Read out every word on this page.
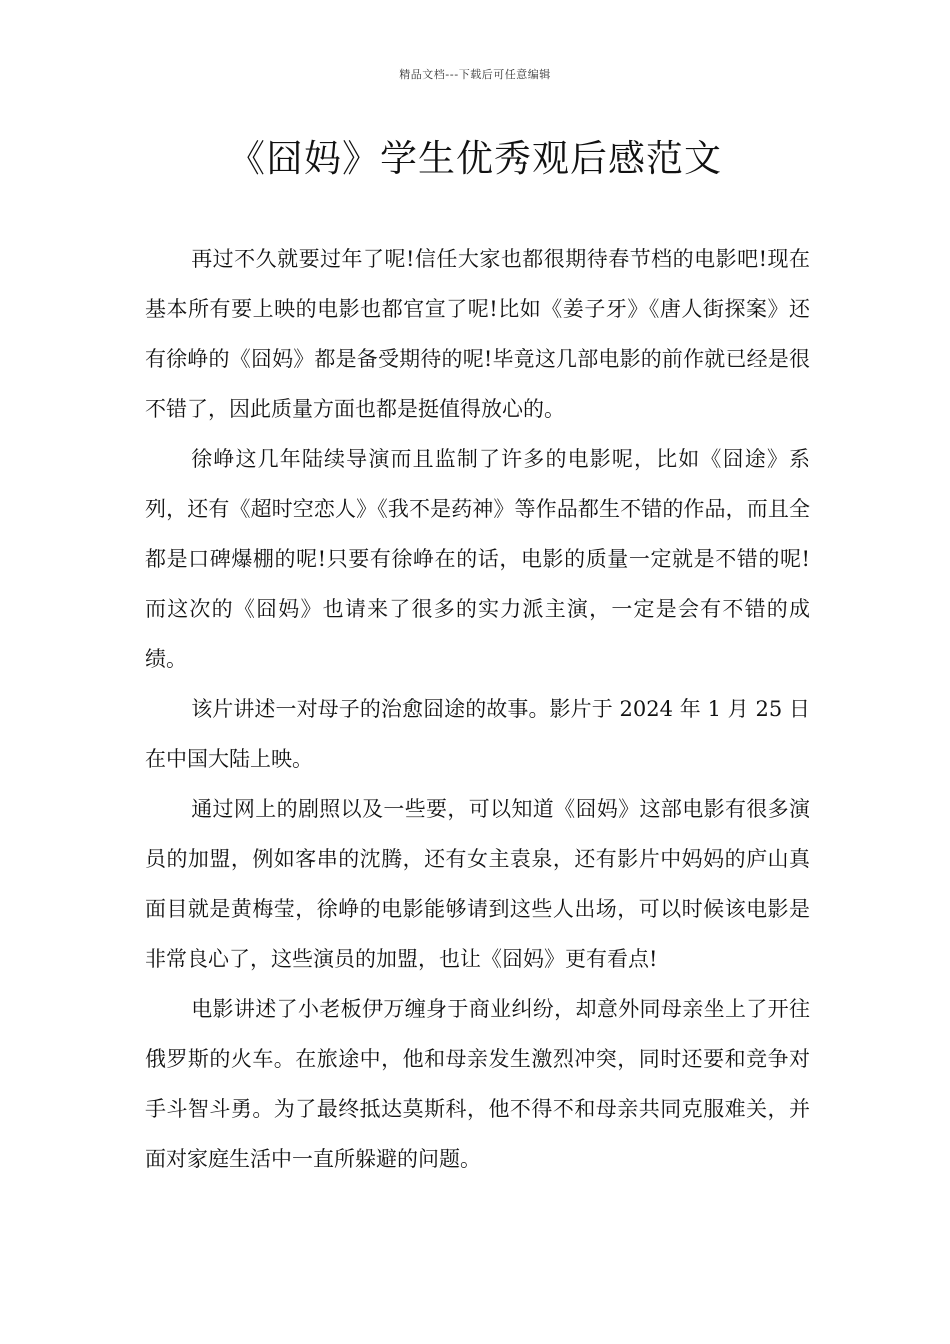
精品文档---下载后可任意编辑
《囧妈》学生优秀观后感范文

再过不久就要过年了呢!信任大家也都很期待春节档的电影吧!现在基本所有要上映的电影也都官宣了呢!比如《姜子牙》《唐人街探案》还有徐峥的《囧妈》都是备受期待的呢!毕竟这几部电影的前作就已经是很不错了，因此质量方面也都是挺值得放心的。

徐峥这几年陆续导演而且监制了许多的电影呢，比如《囧途》系列，还有《超时空恋人》《我不是药神》等作品都生不错的作品，而且全都是口碑爆棚的呢!只要有徐峥在的话，电影的质量一定就是不错的呢!而这次的《囧妈》也请来了很多的实力派主演，一定是会有不错的成绩。

该片讲述一对母子的治愈囧途的故事。影片于 2024 年 1 月 25 日在中国大陆上映。

通过网上的剧照以及一些要，可以知道《囧妈》这部电影有很多演员的加盟，例如客串的沈腾，还有女主袁泉，还有影片中妈妈的庐山真面目就是黄梅莹，徐峥的电影能够请到这些人出场，可以时候该电影是非常良心了，这些演员的加盟，也让《囧妈》更有看点!

电影讲述了小老板伊万缠身于商业纠纷，却意外同母亲坐上了开往俄罗斯的火车。在旅途中，他和母亲发生激烈冲突，同时还要和竞争对手斗智斗勇。为了最终抵达莫斯科，他不得不和母亲共同克服难关，并面对家庭生活中一直所躲避的问题。
